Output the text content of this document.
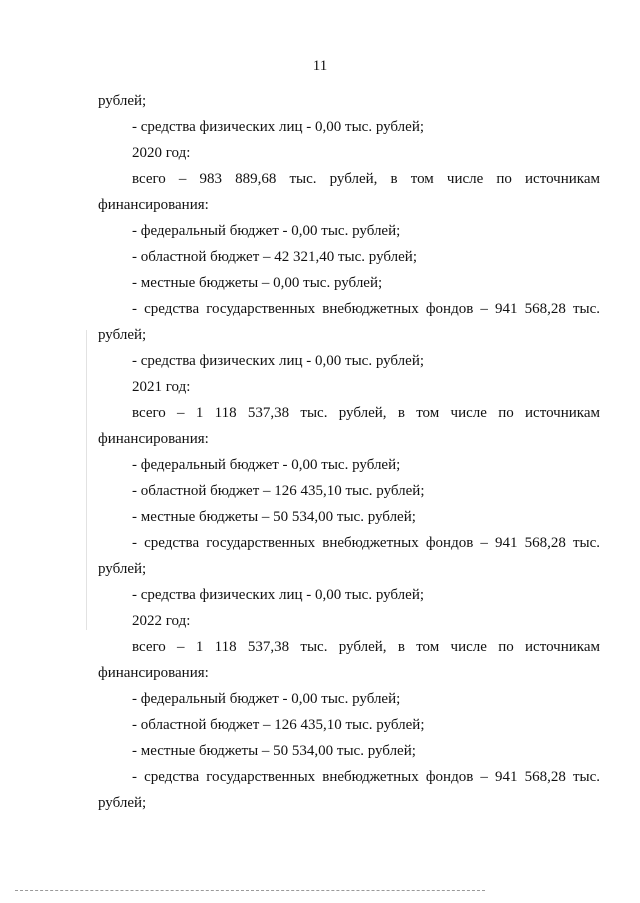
11
рублей;
- средства физических лиц - 0,00 тыс. рублей;
2020 год:
всего – 983 889,68 тыс. рублей, в том числе по источникам
финансирования:
- федеральный бюджет - 0,00 тыс. рублей;
- областной бюджет – 42 321,40 тыс. рублей;
- местные бюджеты – 0,00 тыс. рублей;
- средства государственных внебюджетных фондов – 941 568,28 тыс.
рублей;
- средства физических лиц - 0,00 тыс. рублей;
2021 год:
всего – 1 118 537,38 тыс. рублей, в том числе по источникам
финансирования:
- федеральный бюджет - 0,00 тыс. рублей;
- областной бюджет – 126 435,10 тыс. рублей;
- местные бюджеты – 50 534,00 тыс. рублей;
- средства государственных внебюджетных фондов – 941 568,28 тыс.
рублей;
- средства физических лиц - 0,00 тыс. рублей;
2022 год:
всего – 1 118 537,38 тыс. рублей, в том числе по источникам
финансирования:
- федеральный бюджет - 0,00 тыс. рублей;
- областной бюджет – 126 435,10 тыс. рублей;
- местные бюджеты – 50 534,00 тыс. рублей;
- средства государственных внебюджетных фондов – 941 568,28 тыс.
рублей;
